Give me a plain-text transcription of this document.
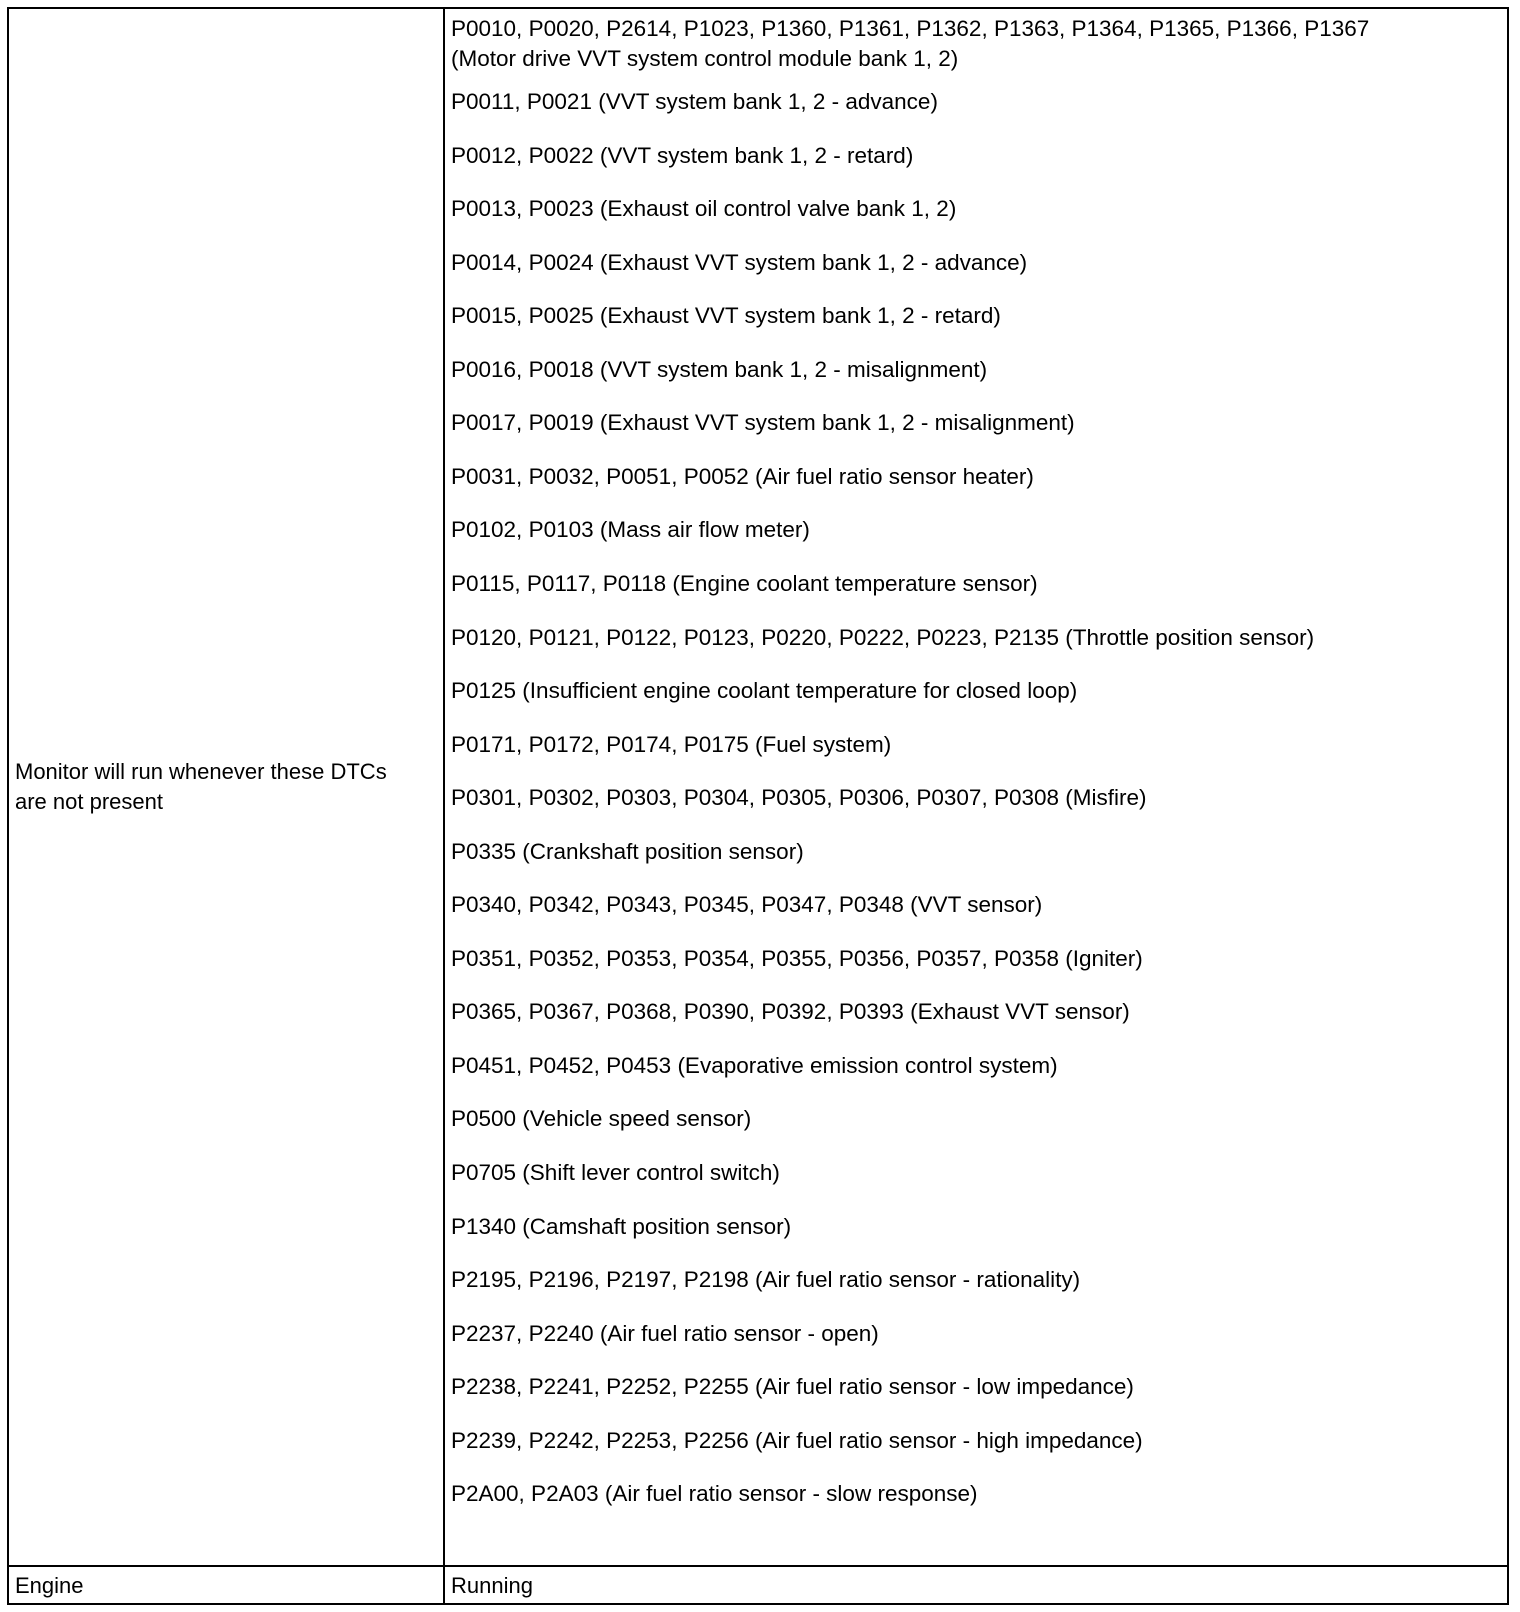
Monitor will run whenever these DTCs are not present
P0010, P0020, P2614, P1023, P1360, P1361, P1362, P1363, P1364, P1365, P1366, P1367
(Motor drive VVT system control module bank 1, 2)
P0011, P0021 (VVT system bank 1, 2 - advance)
P0012, P0022 (VVT system bank 1, 2 - retard)
P0013, P0023 (Exhaust oil control valve bank 1, 2)
P0014, P0024 (Exhaust VVT system bank 1, 2 - advance)
P0015, P0025 (Exhaust VVT system bank 1, 2 - retard)
P0016, P0018 (VVT system bank 1, 2 - misalignment)
P0017, P0019 (Exhaust VVT system bank 1, 2 - misalignment)
P0031, P0032, P0051, P0052 (Air fuel ratio sensor heater)
P0102, P0103 (Mass air flow meter)
P0115, P0117, P0118 (Engine coolant temperature sensor)
P0120, P0121, P0122, P0123, P0220, P0222, P0223, P2135 (Throttle position sensor)
P0125 (Insufficient engine coolant temperature for closed loop)
P0171, P0172, P0174, P0175 (Fuel system)
P0301, P0302, P0303, P0304, P0305, P0306, P0307, P0308 (Misfire)
P0335 (Crankshaft position sensor)
P0340, P0342, P0343, P0345, P0347, P0348 (VVT sensor)
P0351, P0352, P0353, P0354, P0355, P0356, P0357, P0358 (Igniter)
P0365, P0367, P0368, P0390, P0392, P0393 (Exhaust VVT sensor)
P0451, P0452, P0453 (Evaporative emission control system)
P0500 (Vehicle speed sensor)
P0705 (Shift lever control switch)
P1340 (Camshaft position sensor)
P2195, P2196, P2197, P2198 (Air fuel ratio sensor - rationality)
P2237, P2240 (Air fuel ratio sensor - open)
P2238, P2241, P2252, P2255 (Air fuel ratio sensor - low impedance)
P2239, P2242, P2253, P2256 (Air fuel ratio sensor - high impedance)
P2A00, P2A03 (Air fuel ratio sensor - slow response)
Engine	Running
